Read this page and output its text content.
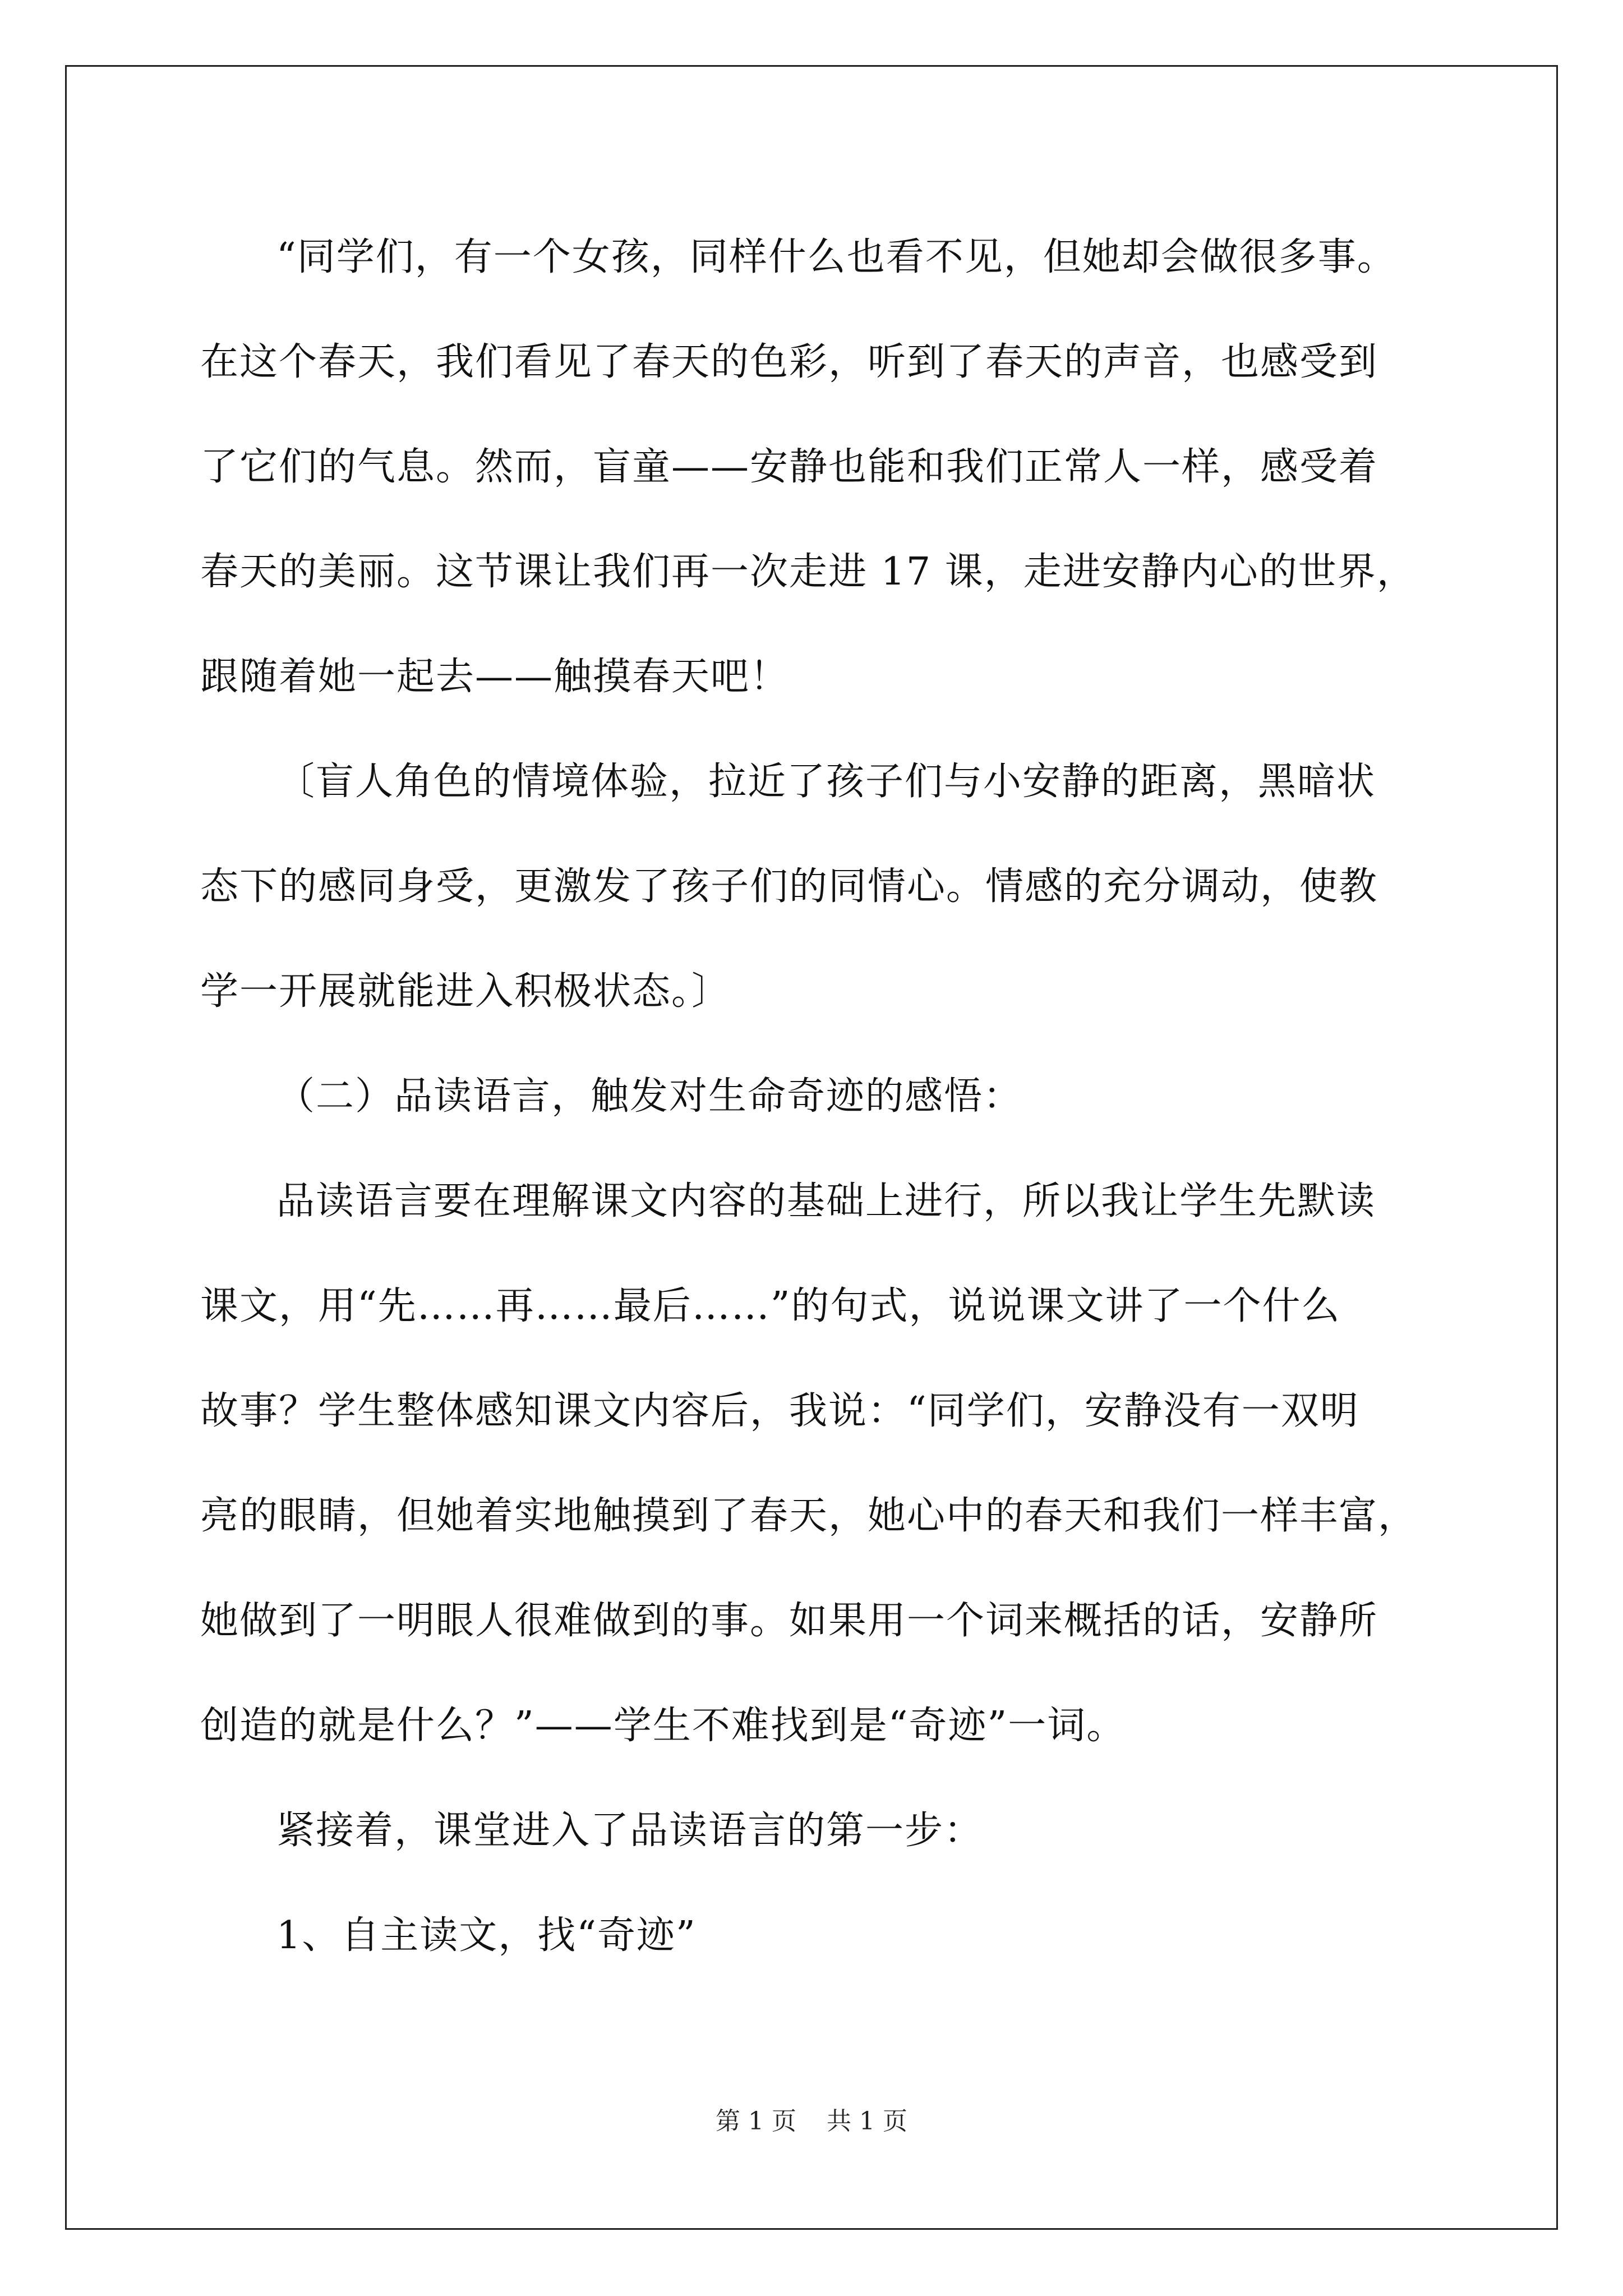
“同学们，有一个女孩，同样什么也看不见，但她却会做很多事。

在这个春天，我们看见了春天的色彩，听到了春天的声音，也感受到

了它们的气息。然而，盲童——安静也能和我们正常人一样，感受着

春天的美丽。这节课让我们再一次走进 17 课，走进安静内心的世界，

跟随着她一起去——触摸春天吧！

〔盲人角色的情境体验，拉近了孩子们与小安静的距离，黑暗状

态下的感同身受，更激发了孩子们的同情心。情感的充分调动，使教

学一开展就能进入积极状态。〕

（二）品读语言，触发对生命奇迹的感悟：

品读语言要在理解课文内容的基础上进行，所以我让学生先默读

课文，用“先……再……最后……”的句式，说说课文讲了一个什么

故事？学生整体感知课文内容后，我说：“同学们，安静没有一双明

亮的眼睛，但她着实地触摸到了春天，她心中的春天和我们一样丰富，

她做到了一明眼人很难做到的事。如果用一个词来概括的话，安静所

创造的就是什么？”——学生不难找到是“奇迹”一词。

紧接着，课堂进入了品读语言的第一步：

1、自主读文，找“奇迹”

第 1 页 共 1 页
